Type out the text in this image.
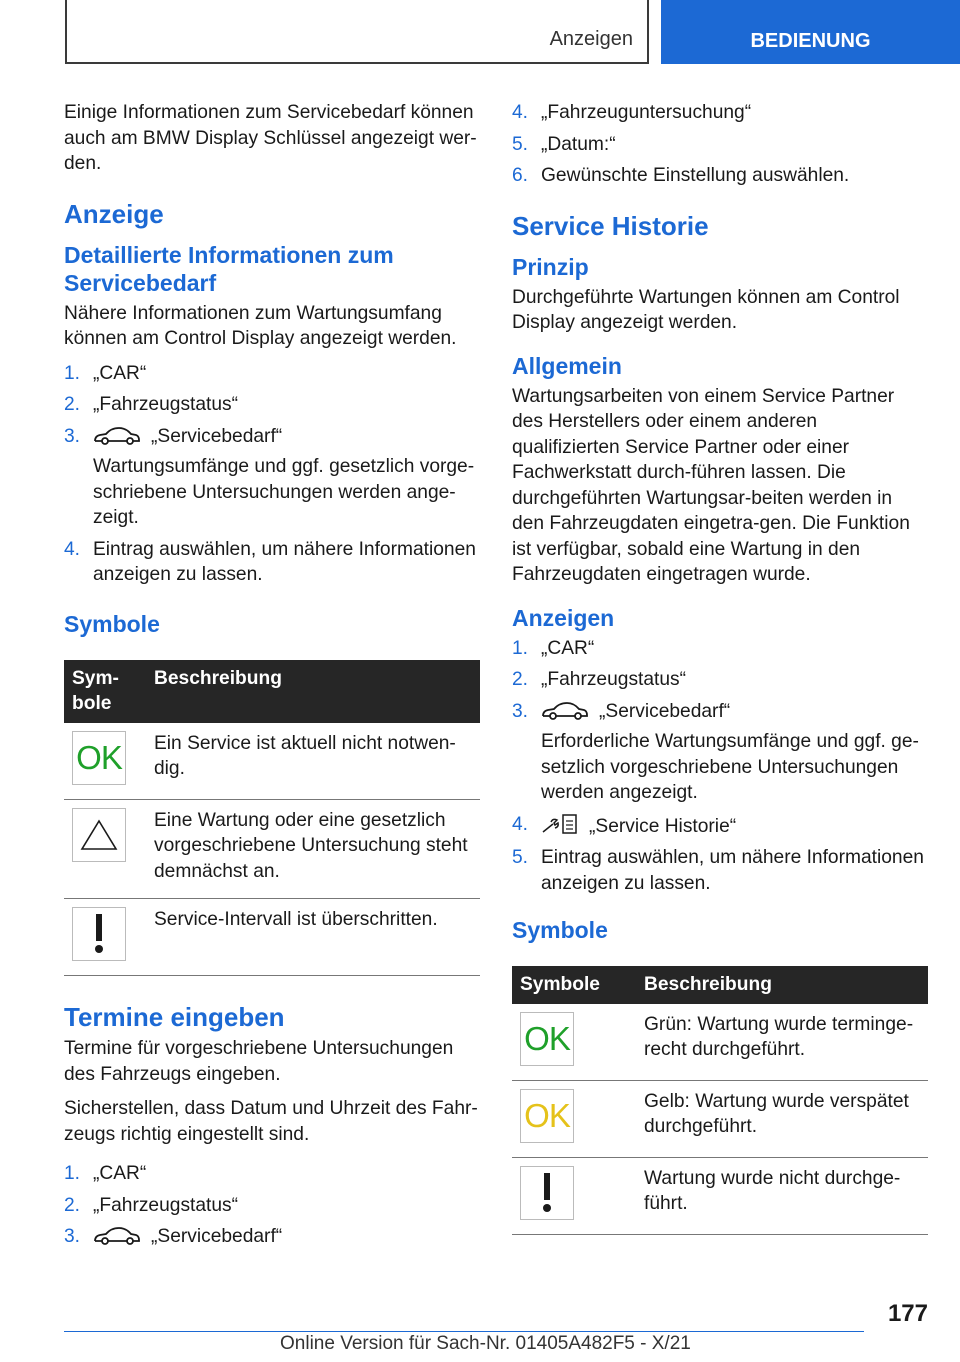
Anzeigen	BEDIENUNG

Einige Informationen zum Servicebedarf können auch am BMW Display Schlüssel angezeigt wer‐den.

Anzeige
Detaillierte Informationen zum Servicebedarf

Nähere Informationen zum Wartungsumfang können am Control Display angezeigt werden.

1. „CAR“
2. „Fahrzeugstatus“
3.	„Servicebedarf“
Wartungsumfänge und ggf. gesetzlich vorge‐schriebene Untersuchungen werden ange‐zeigt.
4. Eintrag auswählen, um nähere Informationen anzeigen zu lassen.
Symbole
Sym‐bole	Beschreibung

OK	Ein Service ist aktuell nicht notwen‐dig.

	Eine Wartung oder eine gesetzlich vorgeschriebene Untersuchung steht demnächst an.

	Service-Intervall ist überschritten.
Termine eingeben

Termine für vorgeschriebene Untersuchungen des Fahrzeugs eingeben.

Sicherstellen, dass Datum und Uhrzeit des Fahr‐zeugs richtig eingestellt sind.

1. „CAR“
2. „Fahrzeugstatus“
3.	„Servicebedarf“
4. „Fahrzeuguntersuchung“
5. „Datum:“
6. Gewünschte Einstellung auswählen.
Service Historie
Prinzip

Durchgeführte Wartungen können am Control Display angezeigt werden.

Allgemein

Wartungsarbeiten von einem Service Partner des Herstellers oder einem anderen qualifizierten Service Partner oder einer Fachwerkstatt durch‐führen lassen. Die durchgeführten Wartungsar‐beiten werden in den Fahrzeugdaten eingetra‐gen. Die Funktion ist verfügbar, sobald eine Wartung in den Fahrzeugdaten eingetragen wurde.

Anzeigen
1. „CAR“
2. „Fahrzeugstatus“
3.	„Servicebedarf“
Erforderliche Wartungsumfänge und ggf. ge‐setzlich vorgeschriebene Untersuchungen werden angezeigt.
4.	„Service Historie“
5. Eintrag auswählen, um nähere Informationen anzeigen zu lassen.
Symbole
Symbole	Beschreibung

OK	Grün: Wartung wurde terminge‐recht durchgeführt.

OK	Gelb: Wartung wurde verspätet durchgeführt.

	Wartung wurde nicht durchge‐führt.
177
Online Version für Sach-Nr. 01405A482F5 - X/21
